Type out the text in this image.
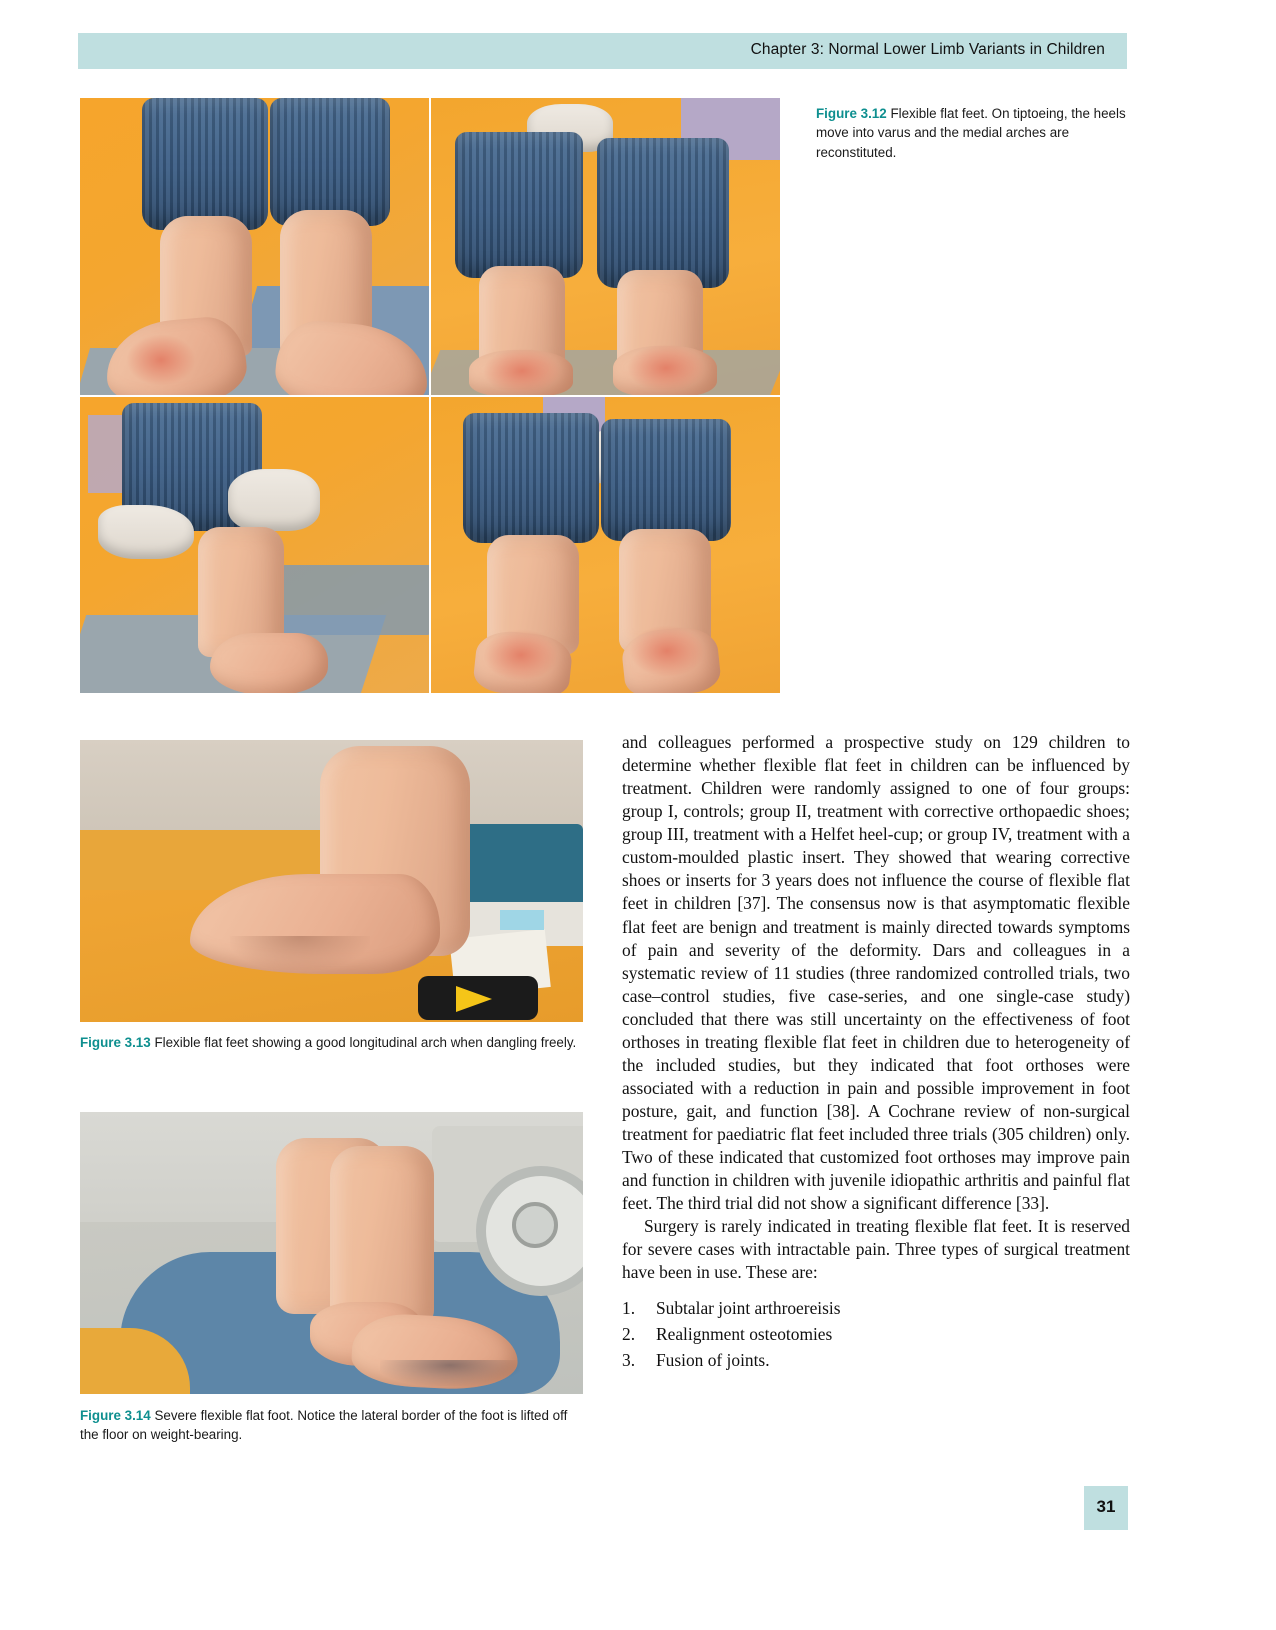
Chapter 3: Normal Lower Limb Variants in Children
Figure 3.12 Flexible flat feet. On tiptoeing, the heels move into varus and the medial arches are reconstituted.
Figure 3.13 Flexible flat feet showing a good longitudinal arch when dangling freely.
Figure 3.14 Severe flexible flat foot. Notice the lateral border of the foot is lifted off the floor on weight-bearing.

and colleagues performed a prospective study on 129 children to determine whether flexible flat feet in children can be influenced by treatment. Children were randomly assigned to one of four groups: group I, controls; group II, treatment with corrective orthopaedic shoes; group III, treatment with a Helfet heel-cup; or group IV, treatment with a custom-moulded plastic insert. They showed that wearing corrective shoes or inserts for 3 years does not influence the course of flexible flat feet in children [37]. The consensus now is that asymptomatic flexible flat feet are benign and treatment is mainly directed towards symptoms of pain and severity of the deformity. Dars and colleagues in a systematic review of 11 studies (three randomized controlled trials, two case–control studies, five case-series, and one single-case study) concluded that there was still uncertainty on the effectiveness of foot orthoses in treating flexible flat feet in children due to heterogeneity of the included studies, but they indicated that foot orthoses were associated with a reduction in pain and possible improvement in foot posture, gait, and function [38]. A Cochrane review of non-surgical treatment for paediatric flat feet included three trials (305 children) only. Two of these indicated that customized foot orthoses may improve pain and function in children with juvenile idiopathic arthritis and painful flat feet. The third trial did not show a significant difference [33].

Surgery is rarely indicated in treating flexible flat feet. It is reserved for severe cases with intractable pain. Three types of surgical treatment have been in use. These are:

1. Subtalar joint arthroereisis
2. Realignment osteotomies
3. Fusion of joints.
31
